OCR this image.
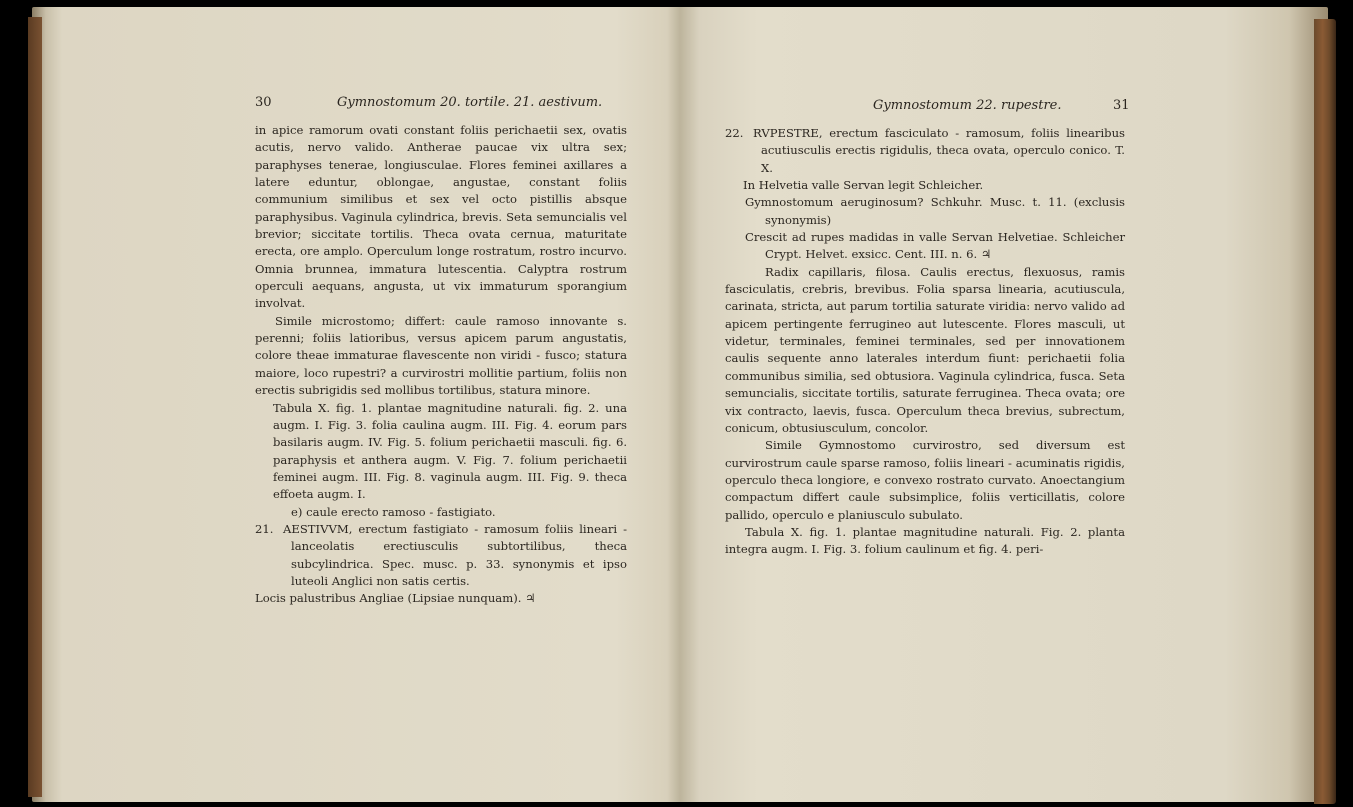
30	Gymnostomum 20. tortile. 21. aestivum.

in apice ramorum ovati constant foliis perichaetii sex, ovatis acutis, nervo valido. Antherae paucae vix ultra sex; paraphyses tenerae, longiusculae. Flores feminei axillares a latere eduntur, oblongae, angustae, constant foliis communium similibus et sex vel octo pistillis absque paraphysibus. Vaginula cylindrica, brevis. Seta semuncialis vel brevior; siccitate tortilis. Theca ovata cernua, maturitate erecta, ore amplo. Operculum longe rostratum, rostro incurvo. Omnia brunnea, immatura lutescentia. Calyptra rostrum operculi aequans, angusta, ut vix immaturum sporangium involvat.

Simile microstomo; differt: caule ramoso innovante s. perenni; foliis latioribus, versus apicem parum angustatis, colore theae immaturae flavescente non viridi - fusco; statura maiore, loco rupestri? a curvirostri mollitie partium, foliis non erectis subrigidis sed mollibus tortilibus, statura minore.

Tabula X. fig. 1. plantae magnitudine naturali. fig. 2. una augm. I. Fig. 3. folia caulina augm. III. Fig. 4. eorum pars basilaris augm. IV. Fig. 5. folium perichaetii masculi. fig. 6. paraphysis et anthera augm. V. Fig. 7. folium perichaetii feminei augm. III. Fig. 8. vaginula augm. III. Fig. 9. theca effoeta augm. I.

e) caule erecto ramoso - fastigiato.

21. AESTIVVM, erectum fastigiato - ramosum foliis lineari - lanceolatis erectiusculis subtortilibus, theca subcylindrica. Spec. musc. p. 33. synonymis et ipso luteoli Anglici non satis certis.

Locis palustribus Angliae (Lipsiae nunquam). ♃

Gymnostomum 22. rupestre.	31

22. RVPESTRE, erectum fasciculato - ramosum, foliis linearibus acutiusculis erectis rigidulis, theca ovata, operculo conico. T. X.

In Helvetia valle Servan legit Schleicher.

Gymnostomum aeruginosum? Schkuhr. Musc. t. 11. (exclusis synonymis)

Crescit ad rupes madidas in valle Servan Helvetiae. Schleicher Crypt. Helvet. exsicc. Cent. III. n. 6. ♃

Radix capillaris, filosa. Caulis erectus, flexuosus, ramis fasciculatis, crebris, brevibus. Folia sparsa linearia, acutiuscula, carinata, stricta, aut parum tortilia saturate viridia: nervo valido ad apicem pertingente ferrugineo aut lutescente. Flores masculi, ut videtur, terminales, feminei terminales, sed per innovationem caulis sequente anno laterales interdum fiunt: perichaetii folia communibus similia, sed obtusiora. Vaginula cylindrica, fusca. Seta semuncialis, siccitate tortilis, saturate ferruginea. Theca ovata; ore vix contracto, laevis, fusca. Operculum theca brevius, subrectum, conicum, obtusiusculum, concolor.

Simile Gymnostomo curvirostro, sed diversum est curvirostrum caule sparse ramoso, foliis lineari - acuminatis rigidis, operculo theca longiore, e convexo rostrato curvato. Anoectangium compactum differt caule subsimplice, foliis verticillatis, colore pallido, operculo e planiusculo subulato.

Tabula X. fig. 1. plantae magnitudine naturali. Fig. 2. planta integra augm. I. Fig. 3. folium caulinum et fig. 4. peri-
